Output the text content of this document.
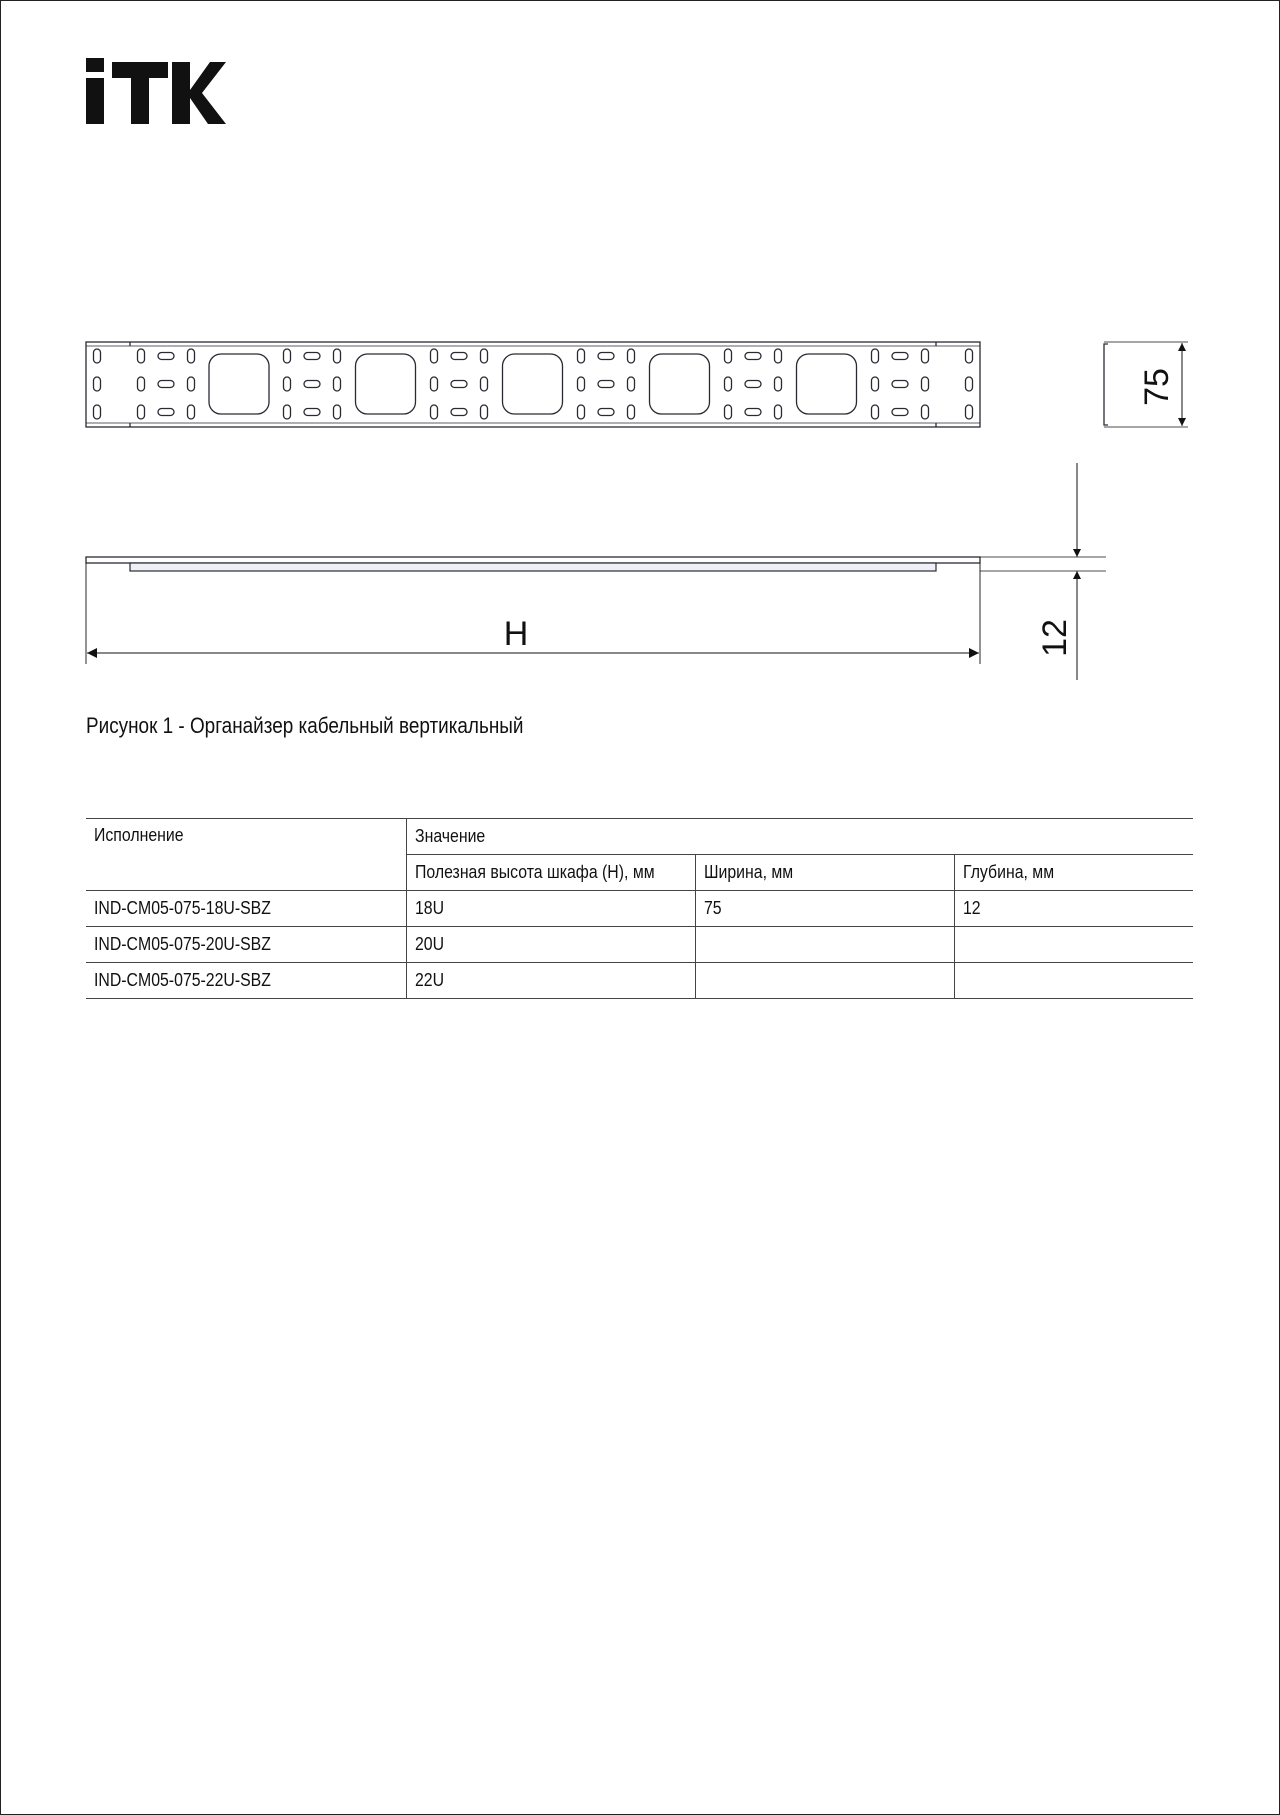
75
H	12
Рисунок 1 - Органайзер кабельный вертикальный
Исполнение	Значение		
	Полезная высота шкафа (H), мм	Ширина, мм	Глубина, мм
IND-CM05-075-18U-SBZ	18U	75	12
IND-CM05-075-20U-SBZ	20U		
IND-CM05-075-22U-SBZ	22U		
